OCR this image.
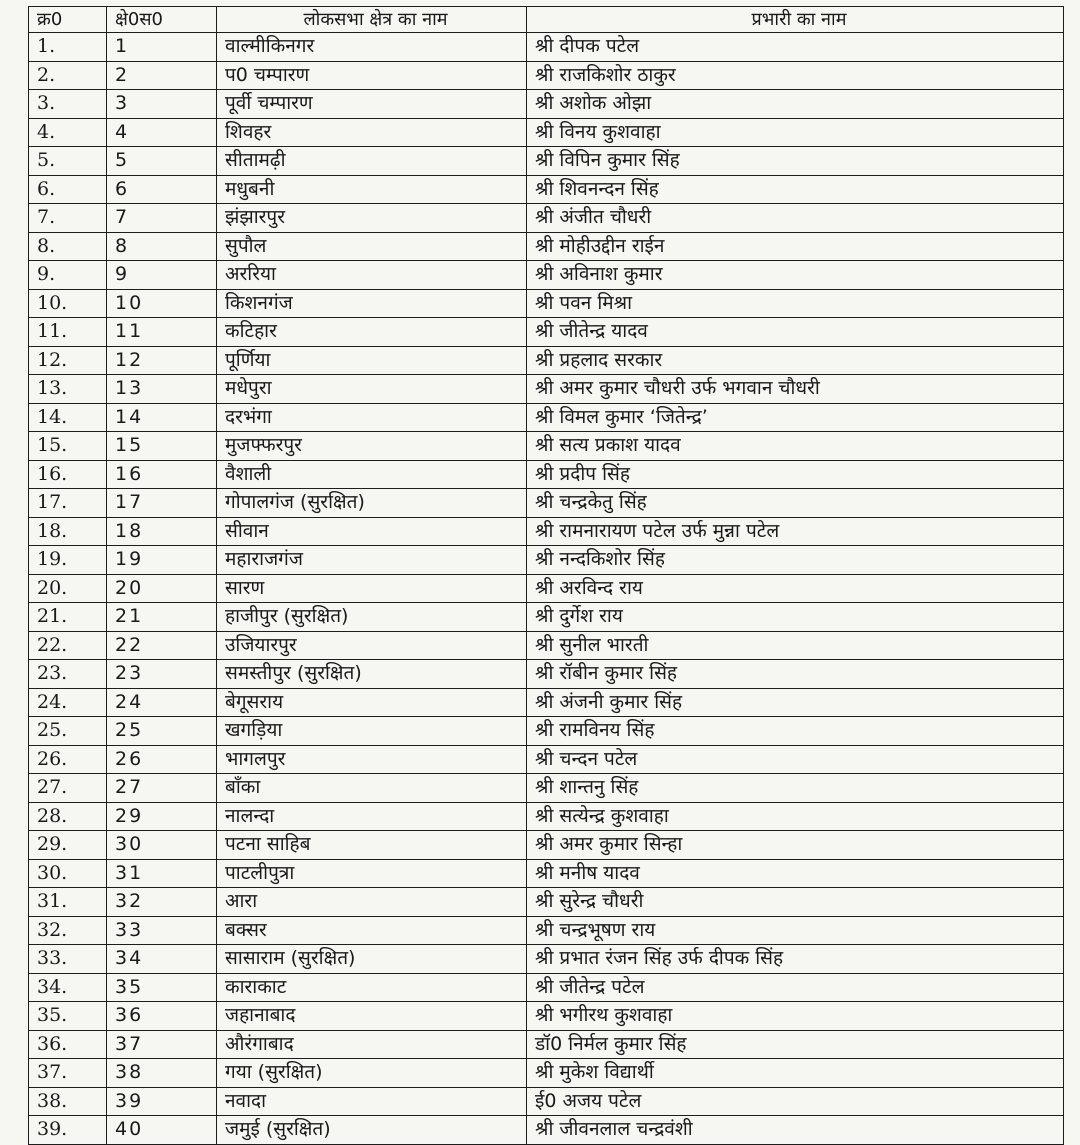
क्र0	क्षे0स0	लोकसभा क्षेत्र का नाम	प्रभारी का नाम
1.	1	वाल्मीकिनगर	श्री दीपक पटेल
2.	2	प0 चम्पारण	श्री राजकिशोर ठाकुर
3.	3	पूर्वी चम्पारण	श्री अशोक ओझा
4.	4	शिवहर	श्री विनय कुशवाहा
5.	5	सीतामढ़ी	श्री विपिन कुमार सिंह
6.	6	मधुबनी	श्री शिवनन्दन सिंह
7.	7	झंझारपुर	श्री अंजीत चौधरी
8.	8	सुपौल	श्री मोहीउद्दीन राईन
9.	9	अररिया	श्री अविनाश कुमार
10.	10	किशनगंज	श्री पवन मिश्रा
11.	11	कटिहार	श्री जीतेन्द्र यादव
12.	12	पूर्णिया	श्री प्रहलाद सरकार
13.	13	मधेपुरा	श्री अमर कुमार चौधरी उर्फ भगवान चौधरी
14.	14	दरभंगा	श्री विमल कुमार ‘जितेन्द्र’
15.	15	मुजफ्फरपुर	श्री सत्य प्रकाश यादव
16.	16	वैशाली	श्री प्रदीप सिंह
17.	17	गोपालगंज (सुरक्षित)	श्री चन्द्रकेतु सिंह
18.	18	सीवान	श्री रामनारायण पटेल उर्फ मुन्ना पटेल
19.	19	महाराजगंज	श्री नन्दकिशोर सिंह
20.	20	सारण	श्री अरविन्द राय
21.	21	हाजीपुर (सुरक्षित)	श्री दुर्गेश राय
22.	22	उजियारपुर	श्री सुनील भारती
23.	23	समस्तीपुर (सुरक्षित)	श्री रॉबीन कुमार सिंह
24.	24	बेगूसराय	श्री अंजनी कुमार सिंह
25.	25	खगड़िया	श्री रामविनय सिंह
26.	26	भागलपुर	श्री चन्दन पटेल
27.	27	बाँका	श्री शान्तनु सिंह
28.	29	नालन्दा	श्री सत्येन्द्र कुशवाहा
29.	30	पटना साहिब	श्री अमर कुमार सिन्हा
30.	31	पाटलीपुत्रा	श्री मनीष यादव
31.	32	आरा	श्री सुरेन्द्र चौधरी
32.	33	बक्सर	श्री चन्द्रभूषण राय
33.	34	सासाराम (सुरक्षित)	श्री प्रभात रंजन सिंह उर्फ दीपक सिंह
34.	35	काराकाट	श्री जीतेन्द्र पटेल
35.	36	जहानाबाद	श्री भगीरथ कुशवाहा
36.	37	औरंगाबाद	डॉ0 निर्मल कुमार सिंह
37.	38	गया (सुरक्षित)	श्री मुकेश विद्यार्थी
38.	39	नवादा	ई0 अजय पटेल
39.	40	जमुई (सुरक्षित)	श्री जीवनलाल चन्द्रवंशी
